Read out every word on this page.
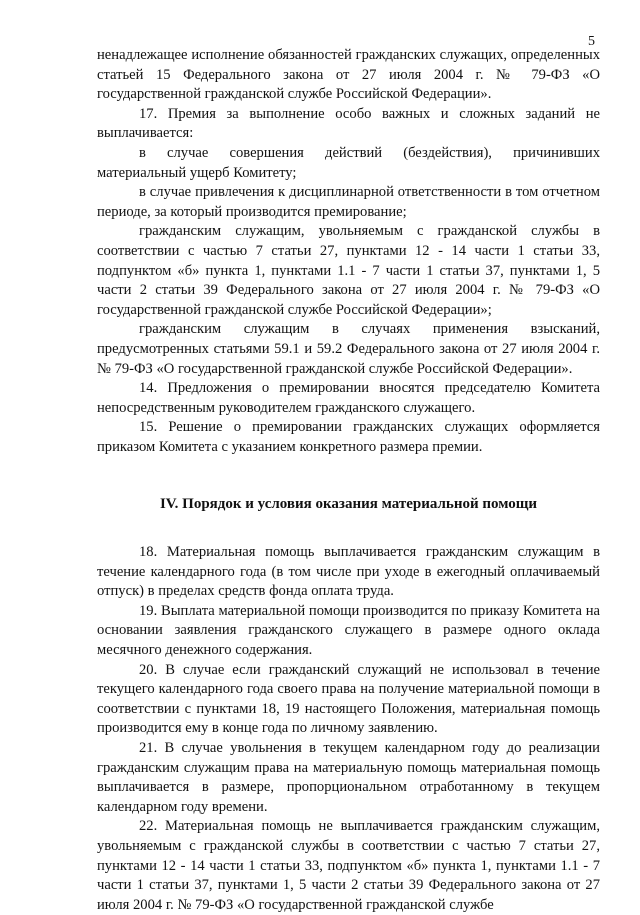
5

ненадлежащее исполнение обязанностей гражданских служащих, определенных статьей 15 Федерального закона от 27 июля 2004 г. № 79-ФЗ «О государственной гражданской службе Российской Федерации».

17. Премия за выполнение особо важных и сложных заданий не выплачивается:

в случае совершения действий (бездействия), причинивших материальный ущерб Комитету;

в случае привлечения к дисциплинарной ответственности в том отчетном периоде, за который производится премирование;

гражданским служащим, увольняемым с гражданской службы в соответствии с частью 7 статьи 27, пунктами 12 - 14 части 1 статьи 33, подпунктом «б» пункта 1, пунктами 1.1 - 7 части 1 статьи 37, пунктами 1, 5 части 2 статьи 39 Федерального закона от 27 июля 2004 г. № 79-ФЗ «О государственной гражданской службе Российской Федерации»;

гражданским служащим в случаях применения взысканий, предусмотренных статьями 59.1 и 59.2 Федерального закона от 27 июля 2004 г. № 79-ФЗ «О государственной гражданской службе Российской Федерации».

14. Предложения о премировании вносятся председателю Комитета непосредственным руководителем гражданского служащего.

15. Решение о премировании гражданских служащих оформляется приказом Комитета с указанием конкретного размера премии.

IV. Порядок и условия оказания материальной помощи

18. Материальная помощь выплачивается гражданским служащим в течение календарного года (в том числе при уходе в ежегодный оплачиваемый отпуск) в пределах средств фонда оплата труда.

19. Выплата материальной помощи производится по приказу Комитета на основании заявления гражданского служащего в размере одного оклада месячного денежного содержания.

20. В случае если гражданский служащий не использовал в течение текущего календарного года своего права на получение материальной помощи в соответствии с пунктами 18, 19 настоящего Положения, материальная помощь производится ему в конце года по личному заявлению.

21. В случае увольнения в текущем календарном году до реализации гражданским служащим права на материальную помощь материальная помощь выплачивается в размере, пропорциональном отработанному в текущем календарном году времени.

22. Материальная помощь не выплачивается гражданским служащим, увольняемым с гражданской службы в соответствии с частью 7 статьи 27, пунктами 12 - 14 части 1 статьи 33, подпунктом «б» пункта 1, пунктами 1.1 - 7 части 1 статьи 37, пунктами 1, 5 части 2 статьи 39 Федерального закона от 27 июля 2004 г. № 79-ФЗ «О государственной гражданской службе
